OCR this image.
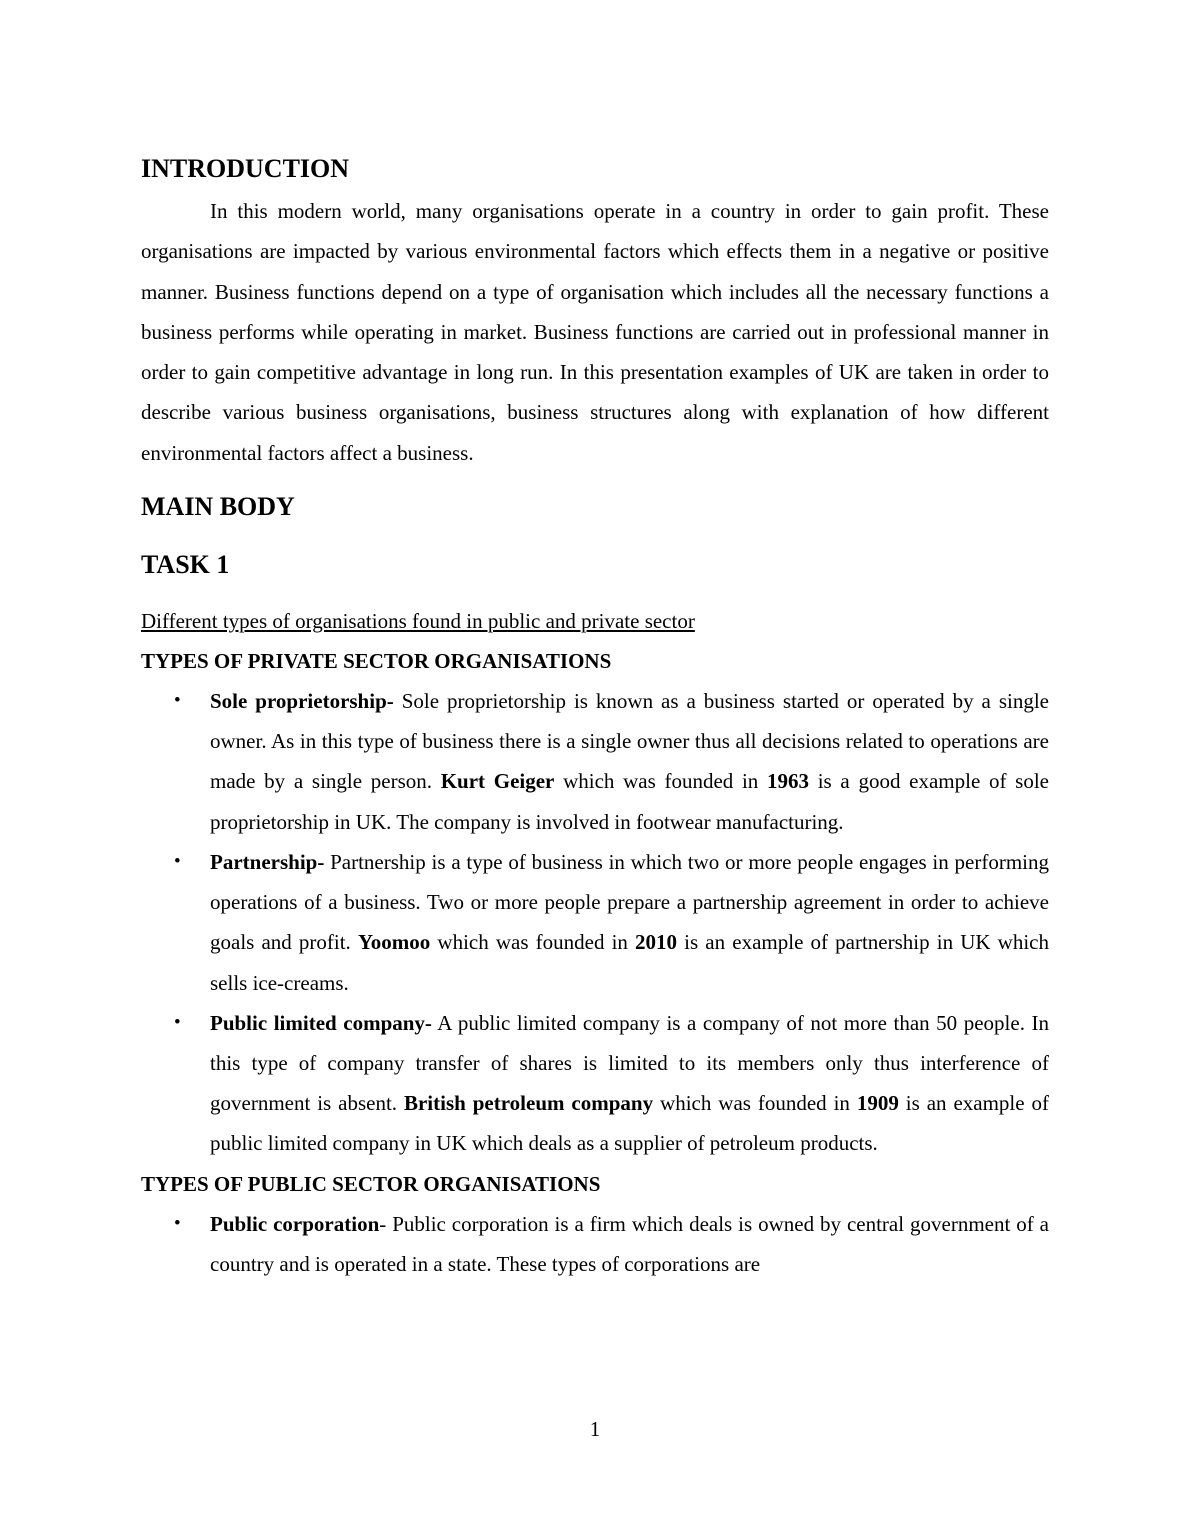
INTRODUCTION

In this modern world, many organisations operate in a country in order to gain profit. These organisations are impacted by various environmental factors which effects them in a negative or positive manner. Business functions depend on a type of organisation which includes all the necessary functions a business performs while operating in market. Business functions are carried out in professional manner in order to gain competitive advantage in long run. In this presentation examples of UK are taken in order to describe various business organisations, business structures along with explanation of how different environmental factors affect a business.

MAIN BODY
TASK 1

Different types of organisations found in public and private sector

TYPES OF PRIVATE SECTOR ORGANISATIONS

• Sole proprietorship- Sole proprietorship is known as a business started or operated by a single owner. As in this type of business there is a single owner thus all decisions related to operations are made by a single person. Kurt Geiger which was founded in 1963 is a good example of sole proprietorship in UK. The company is involved in footwear manufacturing.
• Partnership- Partnership is a type of business in which two or more people engages in performing operations of a business. Two or more people prepare a partnership agreement in order to achieve goals and profit. Yoomoo which was founded in 2010 is an example of partnership in UK which sells ice-creams.
• Public limited company- A public limited company is a company of not more than 50 people. In this type of company transfer of shares is limited to its members only thus interference of government is absent. British petroleum company which was founded in 1909 is an example of public limited company in UK which deals as a supplier of petroleum products.

TYPES OF PUBLIC SECTOR ORGANISATIONS

• Public corporation- Public corporation is a firm which deals is owned by central government of a country and is operated in a state. These types of corporations are
1
